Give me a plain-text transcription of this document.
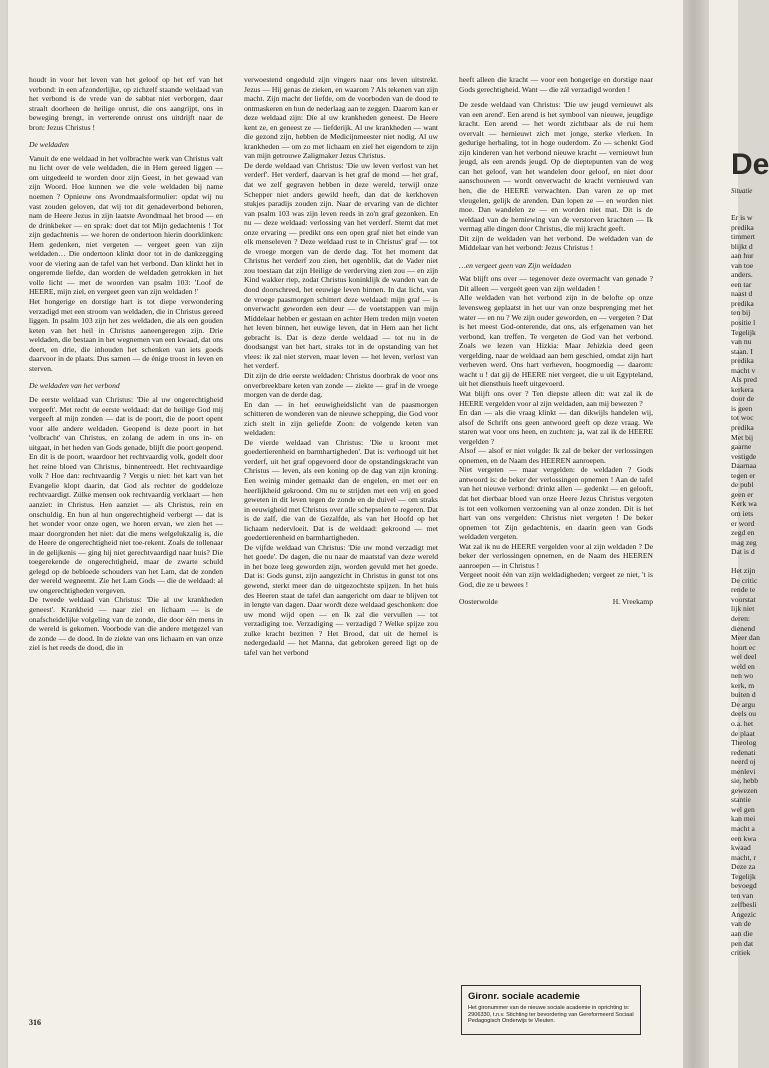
houdt in voor het leven van het geloof op het erf van het verbond: in een afzonderlijke, op zichzelf staande weldaad van het verbond is de vrede van de sabbat niet verborgen, daar straalt doorheen de heilige onrust, die ons aangrijpt, ons in beweging brengt, in verterende onrust ons uitdrijft naar de bron: Jezus Christus !

De weldaden

Vanuit de ene weldaad in het volbrachte werk van Christus valt nu licht over de vele weldaden, die in Hem gereed liggen — om uitgedeeld te worden door zijn Geest, in het gewaad van zijn Woord. Hoe kunnen we die vele weldaden bij name noemen ? Opnieuw ons Avondmaalsformulier: opdat wij nu vast zouden geloven, dat wij tot dit genadeverbond behoren, nam de Heere Jezus in zijn laatste Avondmaal het brood — en de drinkbeker — en sprak: doet dat tot Mijn gedachtenis ! Tot zijn gedachtenis — we horen de ondertoon hierin doorklinken: Hem gedenken, niet vergeten — vergeet geen van zijn weldaden… Die ondertoon klinkt door tot in de dankzegging voor de viering aan de tafel van het verbond. Dan klinkt het in ongeremde liefde, dan worden de weldaden getrokken in het volle licht — met de woorden van psalm 103: 'Loof de HEERE, mijn ziel, en vergeet geen van zijn weldaden !'

Het hongerige en dorstige hart is tot diepe verwondering verzadigd met een stroom van weldaden, die in Christus gereed liggen. In psalm 103 zijn het zes weldaden, die als een gouden keten van het heil in Christus aaneengeregen zijn. Drie weldaden, die bestaan in het wegnemen van een kwaad, dat ons deert, en drie, die inhouden het schenken van iets goeds daarvoor in de plaats. Dus samen — de énige troost in leven en sterven.

De weldaden van het verbond

De eerste weldaad van Christus: 'Die al uw ongerechtigheid vergeeft'. Met recht de eerste weldaad: dat de heilige God mij vergeeft al mijn zonden — dat is de poort, die de poort opent voor alle andere weldaden. Geopend is deze poort in het 'volbracht' van Christus, en zolang de adem in ons in- en uitgaat, in het heden van Gods genade, blijft die poort geopend. En dit is de poort, waardoor het rechtvaardig volk, godelt door het reine bloed van Christus, binnentreedt. Het rechtvaardige volk ? Hoe dan: rechtvaardig ? Vergis u niet: het kart van het Evangelie klopt daarin, dat God als rechter de goddeloze rechtvaardigt. Zúlke mensen ook rechtvaardig verklaart — hen aanziet: in Christus. Hen aanziet — als Christus, rein en onschuldig. En hun al hun ongerechtigheid verbergt — dat is het wonder voor onze ogen, we horen ervan, we zien het — maar doorgronden het niet: dat die mens welgelukzalig is, die de Heere de ongerechtigheid niet toe-rekent. Zoals de tollenaar in de gelijkenis — ging hij niet gerechtvaardigd naar huis? Die toegerekende de ongerechtigheid, maar de zwarte schuld gelegd op de bebloede schouders van het Lam, dat de zonden der wereld wegneemt. Zie het Lam Gods — die de weldaad: al uw ongerechtigheden vergeven.

De tweede weldaad van Christus: 'Die al uw krankheden geneest'. Krankheid — naar ziel en lichaam — is de onafscheidelijke volgeling van de zonde, die door één mens in de wereld is gekomen. Voorbode van die andere metgezel van de zonde — de dood. In de ziekte van ons lichaam en van onze ziel is het reeds de dood, die in

verwoestend ongeduld zijn vingers naar ons leven uitstrekt. Jezus — Hij genas de zieken, en waarom ? Als tekenen van zijn macht. Zijn macht der liefde, om de voorboden van de dood te ontmaskeren en hun de nederlaag aan te zeggen. Daarom kan er deze weldaad zijn: Die al uw krankheden geneest. De Heere kent ze, en geneest ze — liefderijk. Al uw krankheden — want die gezond zijn, hebben de Medicijnmeester niet nodig. Al uw krankheden — om zo met lichaam en ziel het eigendom te zijn van mijn getrouwe Zaligmaker Jezus Christus.

De derde weldaad van Christus: 'Die uw leven verlost van het verderf'. Het verderf, daarvan is het graf de mond — het graf, dat we zelf gegraven hebben in deze wereld, terwijl onze Schepper niet anders gewild heeft, dan dat de kerkhoven stukjes paradijs zouden zijn. Naar de ervaring van de dichter van psalm 103 was zijn leven reeds in zo'n graf gezonken. En nu — deze weldaad: verlossing van het verderf. Stemt dat met onze ervaring — predikt ons een open graf niet het einde van elk menseleven ? Deze weldaad rust te in Christus' graf — tot de vroege morgen van de derde dag. Tot het moment dat Christus het verderf zou zien, het ogenblik, dat de Vader niet zou toestaan dat zijn Heilige de verderving zien zou — en zijn Kind wakker riep, zodat Christus koninklijk de wanden van de dood doorschreed, het eeuwige leven binnen. In dat licht, van de vroege paasmorgen schittert deze weldaad: mijn graf — is onverwacht geworden een deur — de voetstappen van mijn Middelaar hebben er gestaan en achter Hem treden mijn voeten het leven binnen, het euwige leven, dat in Hem aan het licht gebracht is. Dat is deze derde weldaad — tot nu in de doodsangst van het hart, straks tot in de opstanding van het vlees: ik zal niet sterven, maar leven — het leven, verlost van het verderf.

Dit zijn de drie eerste weldaden: Christus doorbrak de voor ons onverbreekbare keten van zonde — ziekte — graf in de vroege morgen van de derde dag.

En dan — in het eeuwigheidslicht van de paasmorgen schitteren de wonderen van de nieuwe schepping, die God voor zich stelt in zijn geliefde Zoon: de volgende keten van weldaden:

De vierde weldaad van Christus: 'Die u kroont met goedertierenheid en barmhartigheden'. Dat is: verhoogd uit het verderf, uit het graf opgevoerd door de opstandingskracht van Christus — leven, als een koning op de dag van zijn kroning. Een weinig minder gemaakt dan de engelen, en met eer en heerlijkheid gekroond. Om nu te strijden met een vrij en goed geweten in dit leven tegen de zonde en de duivel — om straks in eeuwigheid met Christus over alle schepselen te regeren. Dat is de zalf, die van de Gezalfde, als van het Hoofd op het lichaam nedervloeit. Dat is de weldaad: gekroond — met goedertierenheid en barmhartigheden.

De vijfde weldaad van Christus: 'Die uw mond verzadigt met het goede'. De dagen, die nu naar de maatstaf van deze wereld in het boze leeg geworden zijn, worden gevuld met het goede. Dat is: Gods gunst, zijn aangezicht in Christus in gunst tot ons gewend, sterkt meer dan de uitgezochtste spijzen. In het huis des Heeren staat de tafel dan aangericht om daar te blijven tot in lengte van dagen. Daar wordt deze weldaad geschonken: doe uw mond wijd open — en Ik zal die vervullen — tot verzadiging toe. Verzadiging — verzadigd ? Welke spijze zou zulke kracht bezitten ? Het Brood, dat uit de hemel is nedergedaald — het Manna, dat gebroken gereed ligt op de tafel van het verbond

heeft alleen die kracht — voor een hongerige en dorstige naar Gods gerechtigheid. Want — die zál verzadigd worden !

De zesde weldaad van Christus: 'Die uw jeugd vernieuwt als van een arend'. Een arend is het symbool van nieuwe, jeugdige kracht. Een arend — het wordt zichtbaar als de rui hem overvalt — hernieuwt zich met jonge, sterke vlerken. In gedurige herhaling, tot in hoge ouderdom. Zo — schenkt God zijn kinderen van het verbond nieuwe kracht — vernieuwt hun jeugd, als een arends jeugd. Op de dieptepunten van de weg can het geloof, van het wandelen door geloof, en niet door aanschouwen — wordt onverwacht de kracht vernieuwd van hen, die de HEERE verwachten. Dan varen ze op met vleugelen, gelijk de arenden. Dan lopen ze — en worden niet moe. Dan wandelen ze — en worden niet mat. Dit is de weldaad van de herniewing van de verstorven krachten — Ik vermag alle dingen door Christus, die mij kracht geeft.

Dit zijn de weldaden van het verbond. De weldaden van de Middelaar van het verbond: Jezus Christus !

…en vergeet geen van Zijn weldaden

Wat blijft ons over — tegenover deze overmacht van genade ? Dit alleen — vergeét geen van zijn weldaden !

Alle weldaden van het verbond zijn in de belofte op onze levensweg geplaatst in het uur van onze besprenging met het water — en nu ? We zijn ouder geworden, en — vergeten ? Dat is het meest God-onterende, dat ons, als erfgenamen van het verbond, kan treffen. Te vergeten de God van het verbond. Zoals we lezen van Hizkia: Maar Jehizkia deed geen vergelding, naar de weldaad aan hem geschied, omdat zijn hart verheven werd. Ons hart verheven, hoogmoedig — daarom: wacht u ! dat gij de HEERE niet vergeet, die u uit Egypteland, uit het diensthuis heeft uitgevoerd.

Wat blijft ons over ? Ten diepste alleen dit: wat zal ik de HEERE vergelden voor al zijn weldaden, aan mij bewezen ?

En dan — als die vraag klinkt — dan dikwijls handelen wij, alsof de Schrift ons geen antwoord geeft op deze vraag. We staren wat voor ons heen, en zuchten: ja, wat zal ik de HEERE vergelden ?

Alsof — alsof er niet volgde: Ik zal de beker der verlossingen opnemen, en de Naam des HEEREN aanroepen.

Niet vergeten — maar vergelden: de weldaden ? Gods antwoord is: de beker der verlossingen opnemen ! Aan de tafel van het nieuwe verbond: drinkt allen — gedenkt — en gelooft, dat het dierbaar bloed van onze Heere Jezus Christus vergoten is tot een volkomen verzoening van al onze zonden. Dit is het hart van ons vergelden: Christus niet vergeten ! De beker opnemen tot Zijn gedachtenis, en daarin geen van Gods weldaden vergeten.

Wat zal ik nu de HEERE vergelden voor al zijn weldaden ? De beker der verlossingen opnemen, en de Naam des HEEREN aanroepen — in Christus !

Vergeet nooit één van zijn weldadigheden; vergeet ze niet, 't is God, die ze u bewees !

Oosterwolde	H. Vreekamp

Gironr. sociale academie

Het gironummer van de nieuwe sociale academie in oprichting is: 2906330, t.n.v. Stichting ter bevordering van Gereformeerd Sociaal Pedagogisch Onderwijs te Vleuten.

316
De
Situatie
Er is w
predika
timmert
blijkt d
aan hur
van toe
anders.
een tar
naast d
predika
ten bij
positie l
Tegelijk
van nu
staan. I
predika
macht v
Als pred
kerkera
door de
is geen
tot woc
predika
Met bij
gaarne
vestigde
Daarnaa
tegen er
de publ
geen er
Kerk wa
om iets
er word
zegd en
mag zeg
Dat is d
Het zijn
De critic
rende te
voorstat
lijk niet
deren:
dienend
Meer dan
hoort ec
wel deel
weld en
nen wo
kerk, m
buiten d
De argu
deels ou
o.a. het
de plaat
Theolog
redenati
neerd oj
menlevi
sie, hebb
gewezen
stantie
wel gen
kan mei
macht a
een kwa
kwaad
macht, r
Deze za
Tegelijk
bevoegd
ten van
zelfbesli
Angezic
van de
aan die
pen dat
critiek
